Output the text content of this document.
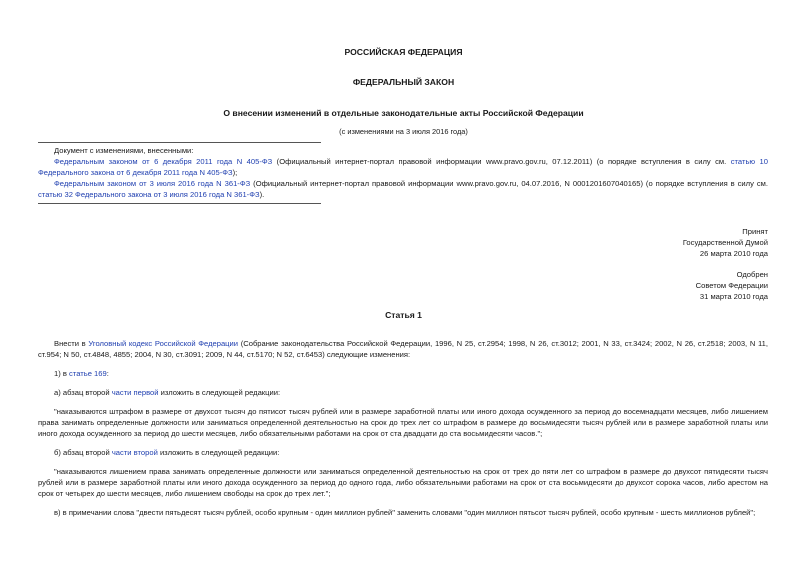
РОССИЙСКАЯ ФЕДЕРАЦИЯ
ФЕДЕРАЛЬНЫЙ ЗАКОН
О внесении изменений в отдельные законодательные акты Российской Федерации
(с изменениями на 3 июля 2016 года)

Документ с изменениями, внесенными:

Федеральным законом от 6 декабря 2011 года N 405-ФЗ (Официальный интернет-портал правовой информации www.pravo.gov.ru, 07.12.2011) (о порядке вступления в силу см. статью 10 Федерального закона от 6 декабря 2011 года N 405-ФЗ);

Федеральным законом от 3 июля 2016 года N 361-ФЗ (Официальный интернет-портал правовой информации www.pravo.gov.ru, 04.07.2016, N 0001201607040165) (о порядке вступления в силу см. статью 32 Федерального закона от 3 июля 2016 года N 361-ФЗ).

Принят
Государственной Думой
26 марта 2010 года
Одобрен
Советом Федерации
31 марта 2010 года
Статья 1

Внести в Уголовный кодекс Российской Федерации (Собрание законодательства Российской Федерации, 1996, N 25, ст.2954; 1998, N 26, ст.3012; 2001, N 33, ст.3424; 2002, N 26, ст.2518; 2003, N 11, ст.954; N 50, ст.4848, 4855; 2004, N 30, ст.3091; 2009, N 44, ст.5170; N 52, ст.6453) следующие изменения:

1) в статье 169:

а) абзац второй части первой изложить в следующей редакции:

"наказываются штрафом в размере от двухсот тысяч до пятисот тысяч рублей или в размере заработной платы или иного дохода осужденного за период до восемнадцати месяцев, либо лишением права занимать определенные должности или заниматься определенной деятельностью на срок до трех лет со штрафом в размере до восьмидесяти тысяч рублей или в размере заработной платы или иного дохода осужденного за период до шести месяцев, либо обязательными работами на срок от ста двадцати до ста восьмидесяти часов.";

б) абзац второй части второй изложить в следующей редакции:

"наказываются лишением права занимать определенные должности или заниматься определенной деятельностью на срок от трех до пяти лет со штрафом в размере до двухсот пятидесяти тысяч рублей или в размере заработной платы или иного дохода осужденного за период до одного года, либо обязательными работами на срок от ста восьмидесяти до двухсот сорока часов, либо арестом на срок от четырех до шести месяцев, либо лишением свободы на срок до трех лет.";

в) в примечании слова "двести пятьдесят тысяч рублей, особо крупным - один миллион рублей" заменить словами "один миллион пятьсот тысяч рублей, особо крупным - шесть миллионов рублей";
